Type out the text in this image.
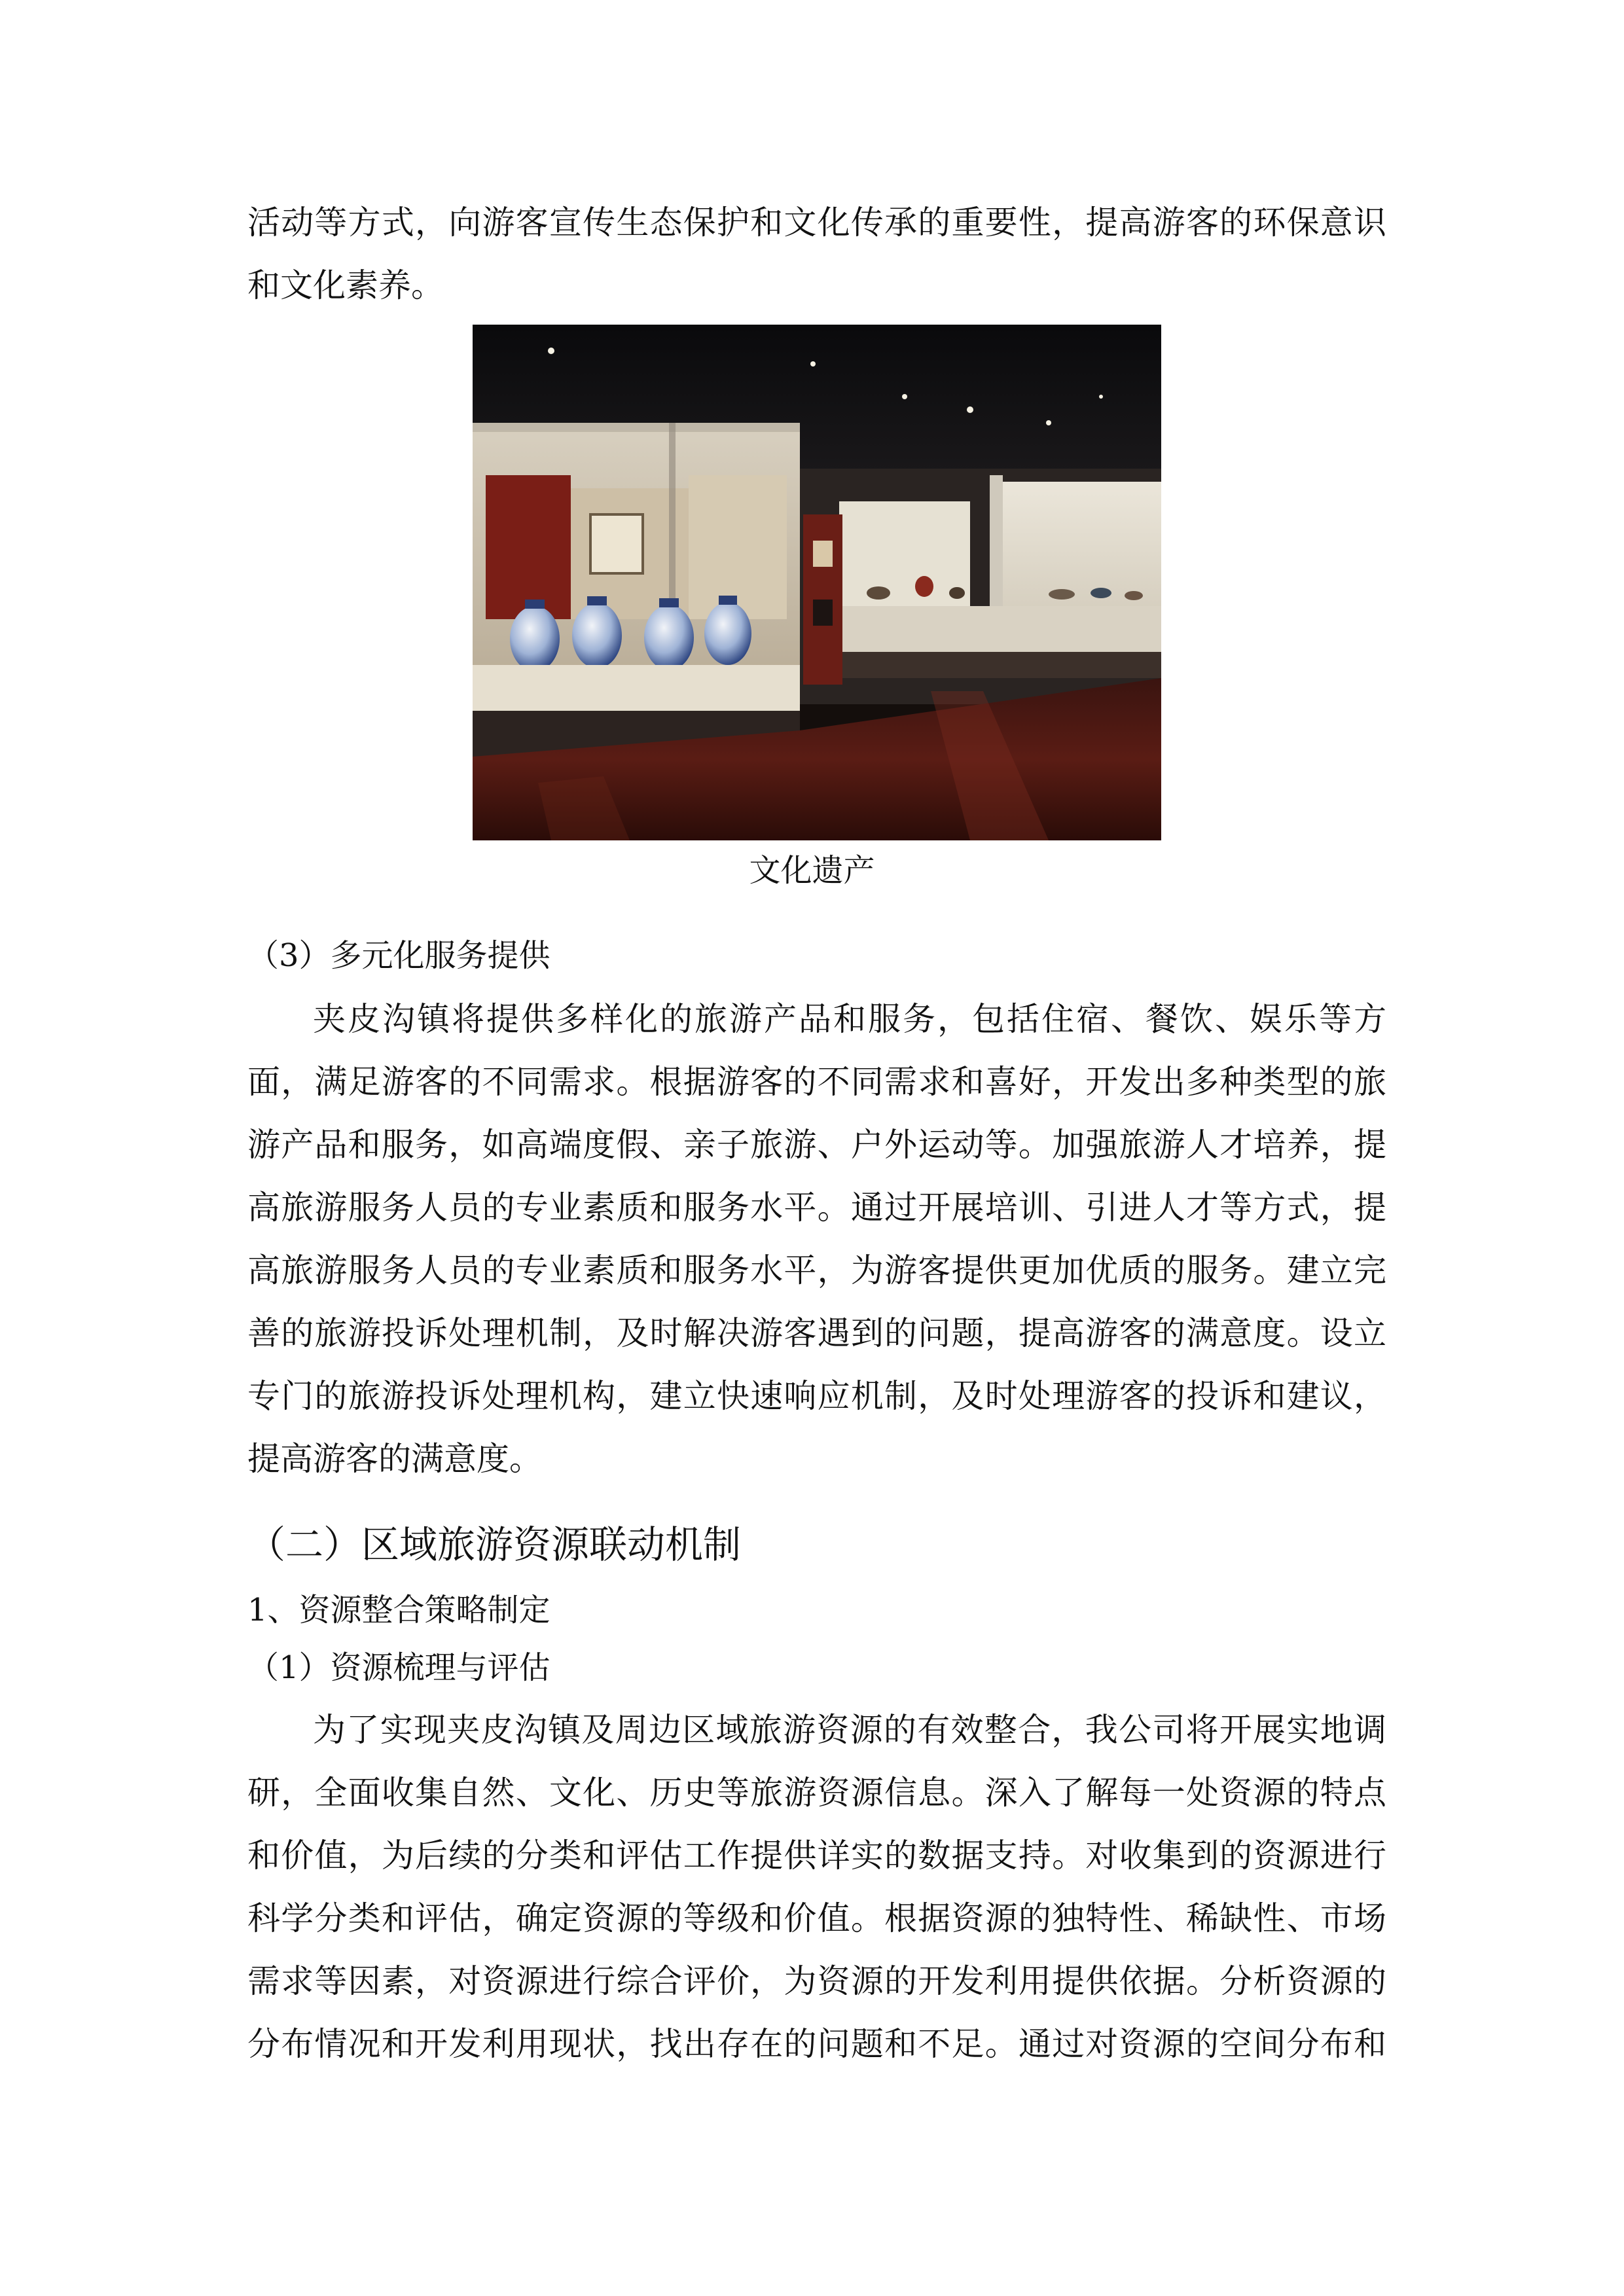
活动等方式，向游客宣传生态保护和文化传承的重要性，提高游客的环保意识
和文化素养。
文化遗产
（3）多元化服务提供
夹皮沟镇将提供多样化的旅游产品和服务，包括住宿、餐饮、娱乐等方
面，满足游客的不同需求。根据游客的不同需求和喜好，开发出多种类型的旅
游产品和服务，如高端度假、亲子旅游、户外运动等。加强旅游人才培养，提
高旅游服务人员的专业素质和服务水平。通过开展培训、引进人才等方式，提
高旅游服务人员的专业素质和服务水平，为游客提供更加优质的服务。建立完
善的旅游投诉处理机制，及时解决游客遇到的问题，提高游客的满意度。设立
专门的旅游投诉处理机构，建立快速响应机制，及时处理游客的投诉和建议，
提高游客的满意度。
（二）区域旅游资源联动机制
1、资源整合策略制定
（1）资源梳理与评估
为了实现夹皮沟镇及周边区域旅游资源的有效整合，我公司将开展实地调
研，全面收集自然、文化、历史等旅游资源信息。深入了解每一处资源的特点
和价值，为后续的分类和评估工作提供详实的数据支持。对收集到的资源进行
科学分类和评估，确定资源的等级和价值。根据资源的独特性、稀缺性、市场
需求等因素，对资源进行综合评价，为资源的开发利用提供依据。分析资源的
分布情况和开发利用现状，找出存在的问题和不足。通过对资源的空间分布和
